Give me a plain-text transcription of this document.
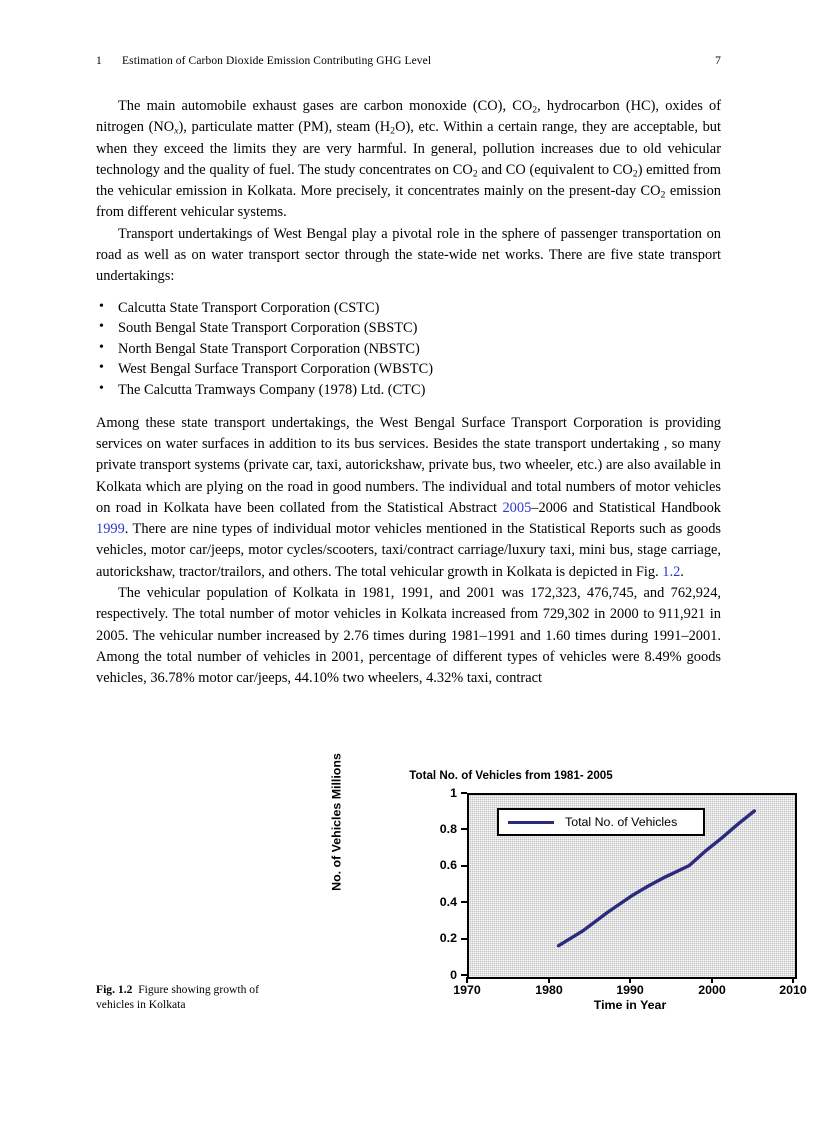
1	Estimation of Carbon Dioxide Emission Contributing GHG Level	7

The main automobile exhaust gases are carbon monoxide (CO), $CO_2$, hydrocarbon (HC), oxides of nitrogen (NOx), particulate matter (PM), steam $(H_2O)$, etc. Within a certain range, they are acceptable, but when they exceed the limits they are very harmful. In general, pollution increases due to old vehicular technology and the quality of fuel. The study concentrates on $CO_2$ and CO (equivalent to $CO_2$) emitted from the vehicular emission in Kolkata. More precisely, it concentrates mainly on the present-day $CO_2$ emission from different vehicular systems.

Transport undertakings of West Bengal play a pivotal role in the sphere of passenger transportation on road as well as on water transport sector through the state-wide net works. There are five state transport undertakings:

• Calcutta State Transport Corporation (CSTC)
• South Bengal State Transport Corporation (SBSTC)
• North Bengal State Transport Corporation (NBSTC)
• West Bengal Surface Transport Corporation (WBSTC)
• The Calcutta Tramways Company (1978) Ltd. (CTC)

Among these state transport undertakings, the West Bengal Surface Transport Corporation is providing services on water surfaces in addition to its bus services. Besides the state transport undertaking , so many private transport systems (private car, taxi, autorickshaw, private bus, two wheeler, etc.) are also available in Kolkata which are plying on the road in good numbers. The individual and total numbers of motor vehicles on road in Kolkata have been collated from the Statistical Abstract 2005–2006 and Statistical Handbook 1999. There are nine types of individual motor vehicles mentioned in the Statistical Reports such as goods vehicles, motor car/jeeps, motor cycles/scooters, taxi/contract carriage/luxury taxi, mini bus, stage carriage, autorickshaw, tractor/trailors, and others. The total vehicular growth in Kolkata is depicted in Fig. 1.2.

The vehicular population of Kolkata in 1981, 1991, and 2001 was 172,323, 476,745, and 762,924, respectively. The total number of motor vehicles in Kolkata increased from 729,302 in 2000 to 911,921 in 2005. The vehicular number increased by 2.76 times during 1981–1991 and 1.60 times during 1991–2001. Among the total number of vehicles in 2001, percentage of different types of vehicles were 8.49% goods vehicles, 36.78% motor car/jeeps, 44.10% two wheelers, 4.32% taxi, contract

Fig. 1.2 Figure showing growth of vehicles in Kolkata
Total No. of Vehicles from 1981- 2005
1
0.8
0.6
0.4
0.2
0
Total No. of Vehicles
1970	1980	1990	2000	2010
Time in Year
No. of Vehicles Millions
